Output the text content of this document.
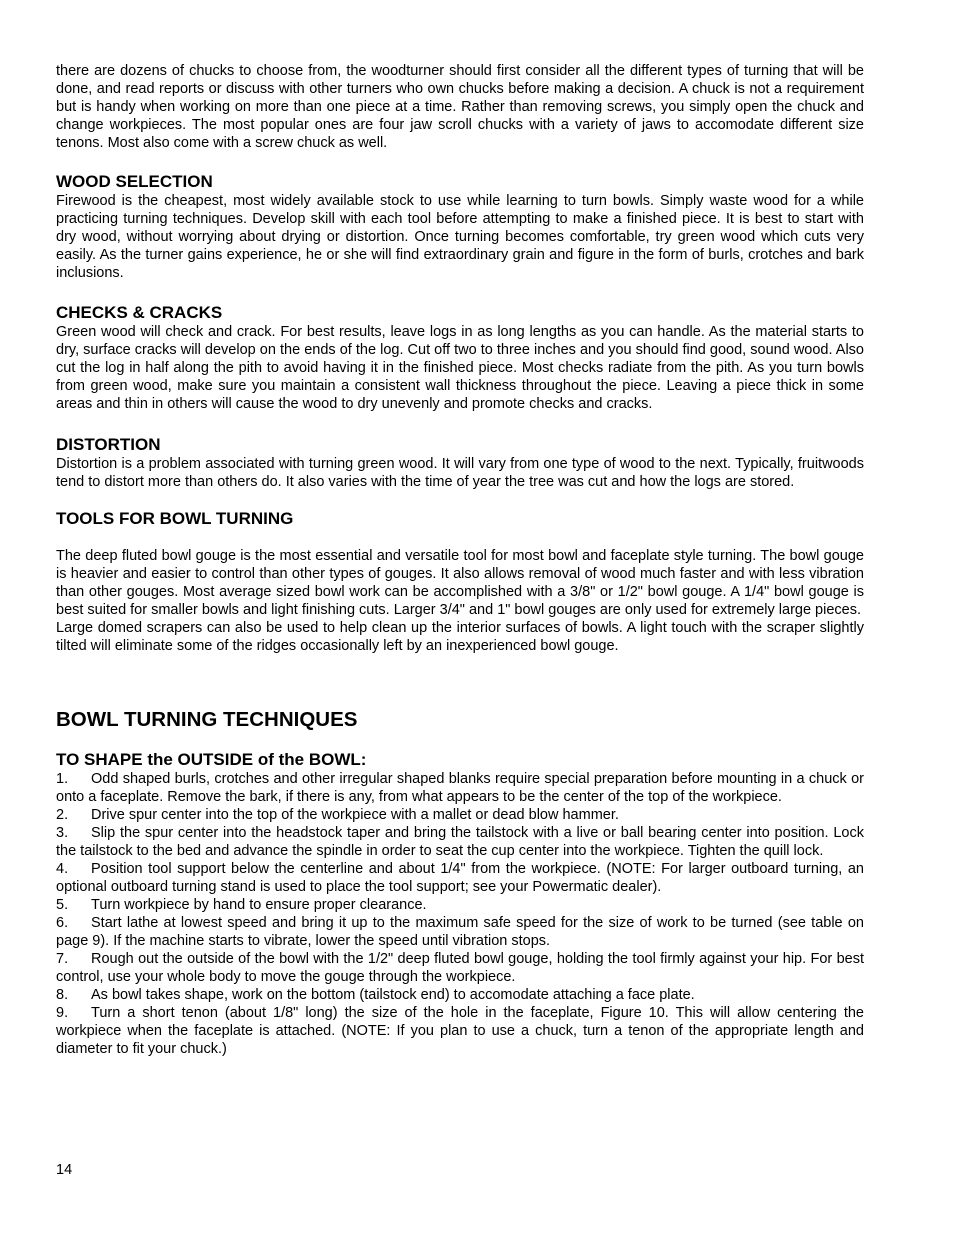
there are dozens of chucks to choose from, the woodturner should first consider all the different types of turning that will be done, and read reports or discuss with other turners who own chucks before making a decision. A chuck is not a requirement but is handy when working on more than one piece at a time. Rather than removing screws, you simply open the chuck and change workpieces. The most popular ones are four jaw scroll chucks with a variety of jaws to accomodate different size tenons. Most also come with a screw chuck as well.

WOOD SELECTION

Firewood is the cheapest, most widely available stock to use while learning to turn bowls. Simply waste wood for a while practicing turning techniques. Develop skill with each tool before attempting to make a finished piece. It is best to start with dry wood, without worrying about drying or distortion. Once turning becomes comfortable, try green wood which cuts very easily. As the turner gains experience, he or she will find extraordinary grain and figure in the form of burls, crotches and bark inclusions.

CHECKS & CRACKS

Green wood will check and crack. For best results, leave logs in as long lengths as you can handle. As the material starts to dry, surface cracks will develop on the ends of the log. Cut off two to three inches and you should find good, sound wood. Also cut the log in half along the pith to avoid having it in the finished piece. Most checks radiate from the pith. As you turn bowls from green wood, make sure you maintain a consistent wall thickness throughout the piece. Leaving a piece thick in some areas and thin in others will cause the wood to dry unevenly and promote checks and cracks.

DISTORTION

Distortion is a problem associated with turning green wood. It will vary from one type of wood to the next. Typically, fruitwoods tend to distort more than others do. It also varies with the time of year the tree was cut and how the logs are stored.

TOOLS FOR BOWL TURNING

The deep fluted bowl gouge is the most essential and versatile tool for most bowl and faceplate style turning. The bowl gouge is heavier and easier to control than other types of gouges. It also allows removal of wood much faster and with less vibration than other gouges. Most average sized bowl work can be accomplished with a 3/8" or 1/2" bowl gouge. A 1/4" bowl gouge is best suited for smaller bowls and light finishing cuts. Larger 3/4" and 1" bowl gouges are only used for extremely large pieces.

Large domed scrapers can also be used to help clean up the interior surfaces of bowls. A light touch with the scraper slightly tilted will eliminate some of the ridges occasionally left by an inexperienced bowl gouge.

BOWL TURNING TECHNIQUES
TO SHAPE the OUTSIDE of the BOWL:
1. Odd shaped burls, crotches and other irregular shaped blanks require special preparation before mounting in a chuck or onto a faceplate. Remove the bark, if there is any, from what appears to be the center of the top of the workpiece.
2. Drive spur center into the top of the workpiece with a mallet or dead blow hammer.
3. Slip the spur center into the headstock taper and bring the tailstock with a live or ball bearing center into position. Lock the tailstock to the bed and advance the spindle in order to seat the cup center into the workpiece. Tighten the quill lock.
4. Position tool support below the centerline and about 1/4" from the workpiece. (NOTE: For larger outboard turning, an optional outboard turning stand is used to place the tool support; see your Powermatic dealer).
5. Turn workpiece by hand to ensure proper clearance.
6. Start lathe at lowest speed and bring it up to the maximum safe speed for the size of work to be turned (see table on page 9). If the machine starts to vibrate, lower the speed until vibration stops.
7. Rough out the outside of the bowl with the 1/2" deep fluted bowl gouge, holding the tool firmly against your hip. For best control, use your whole body to move the gouge through the workpiece.
8. As bowl takes shape, work on the bottom (tailstock end) to accomodate attaching a face plate.
9. Turn a short tenon (about 1/8" long) the size of the hole in the faceplate, Figure 10. This will allow centering the workpiece when the faceplate is attached. (NOTE: If you plan to use a chuck, turn a tenon of the appropriate length and diameter to fit your chuck.)
14
